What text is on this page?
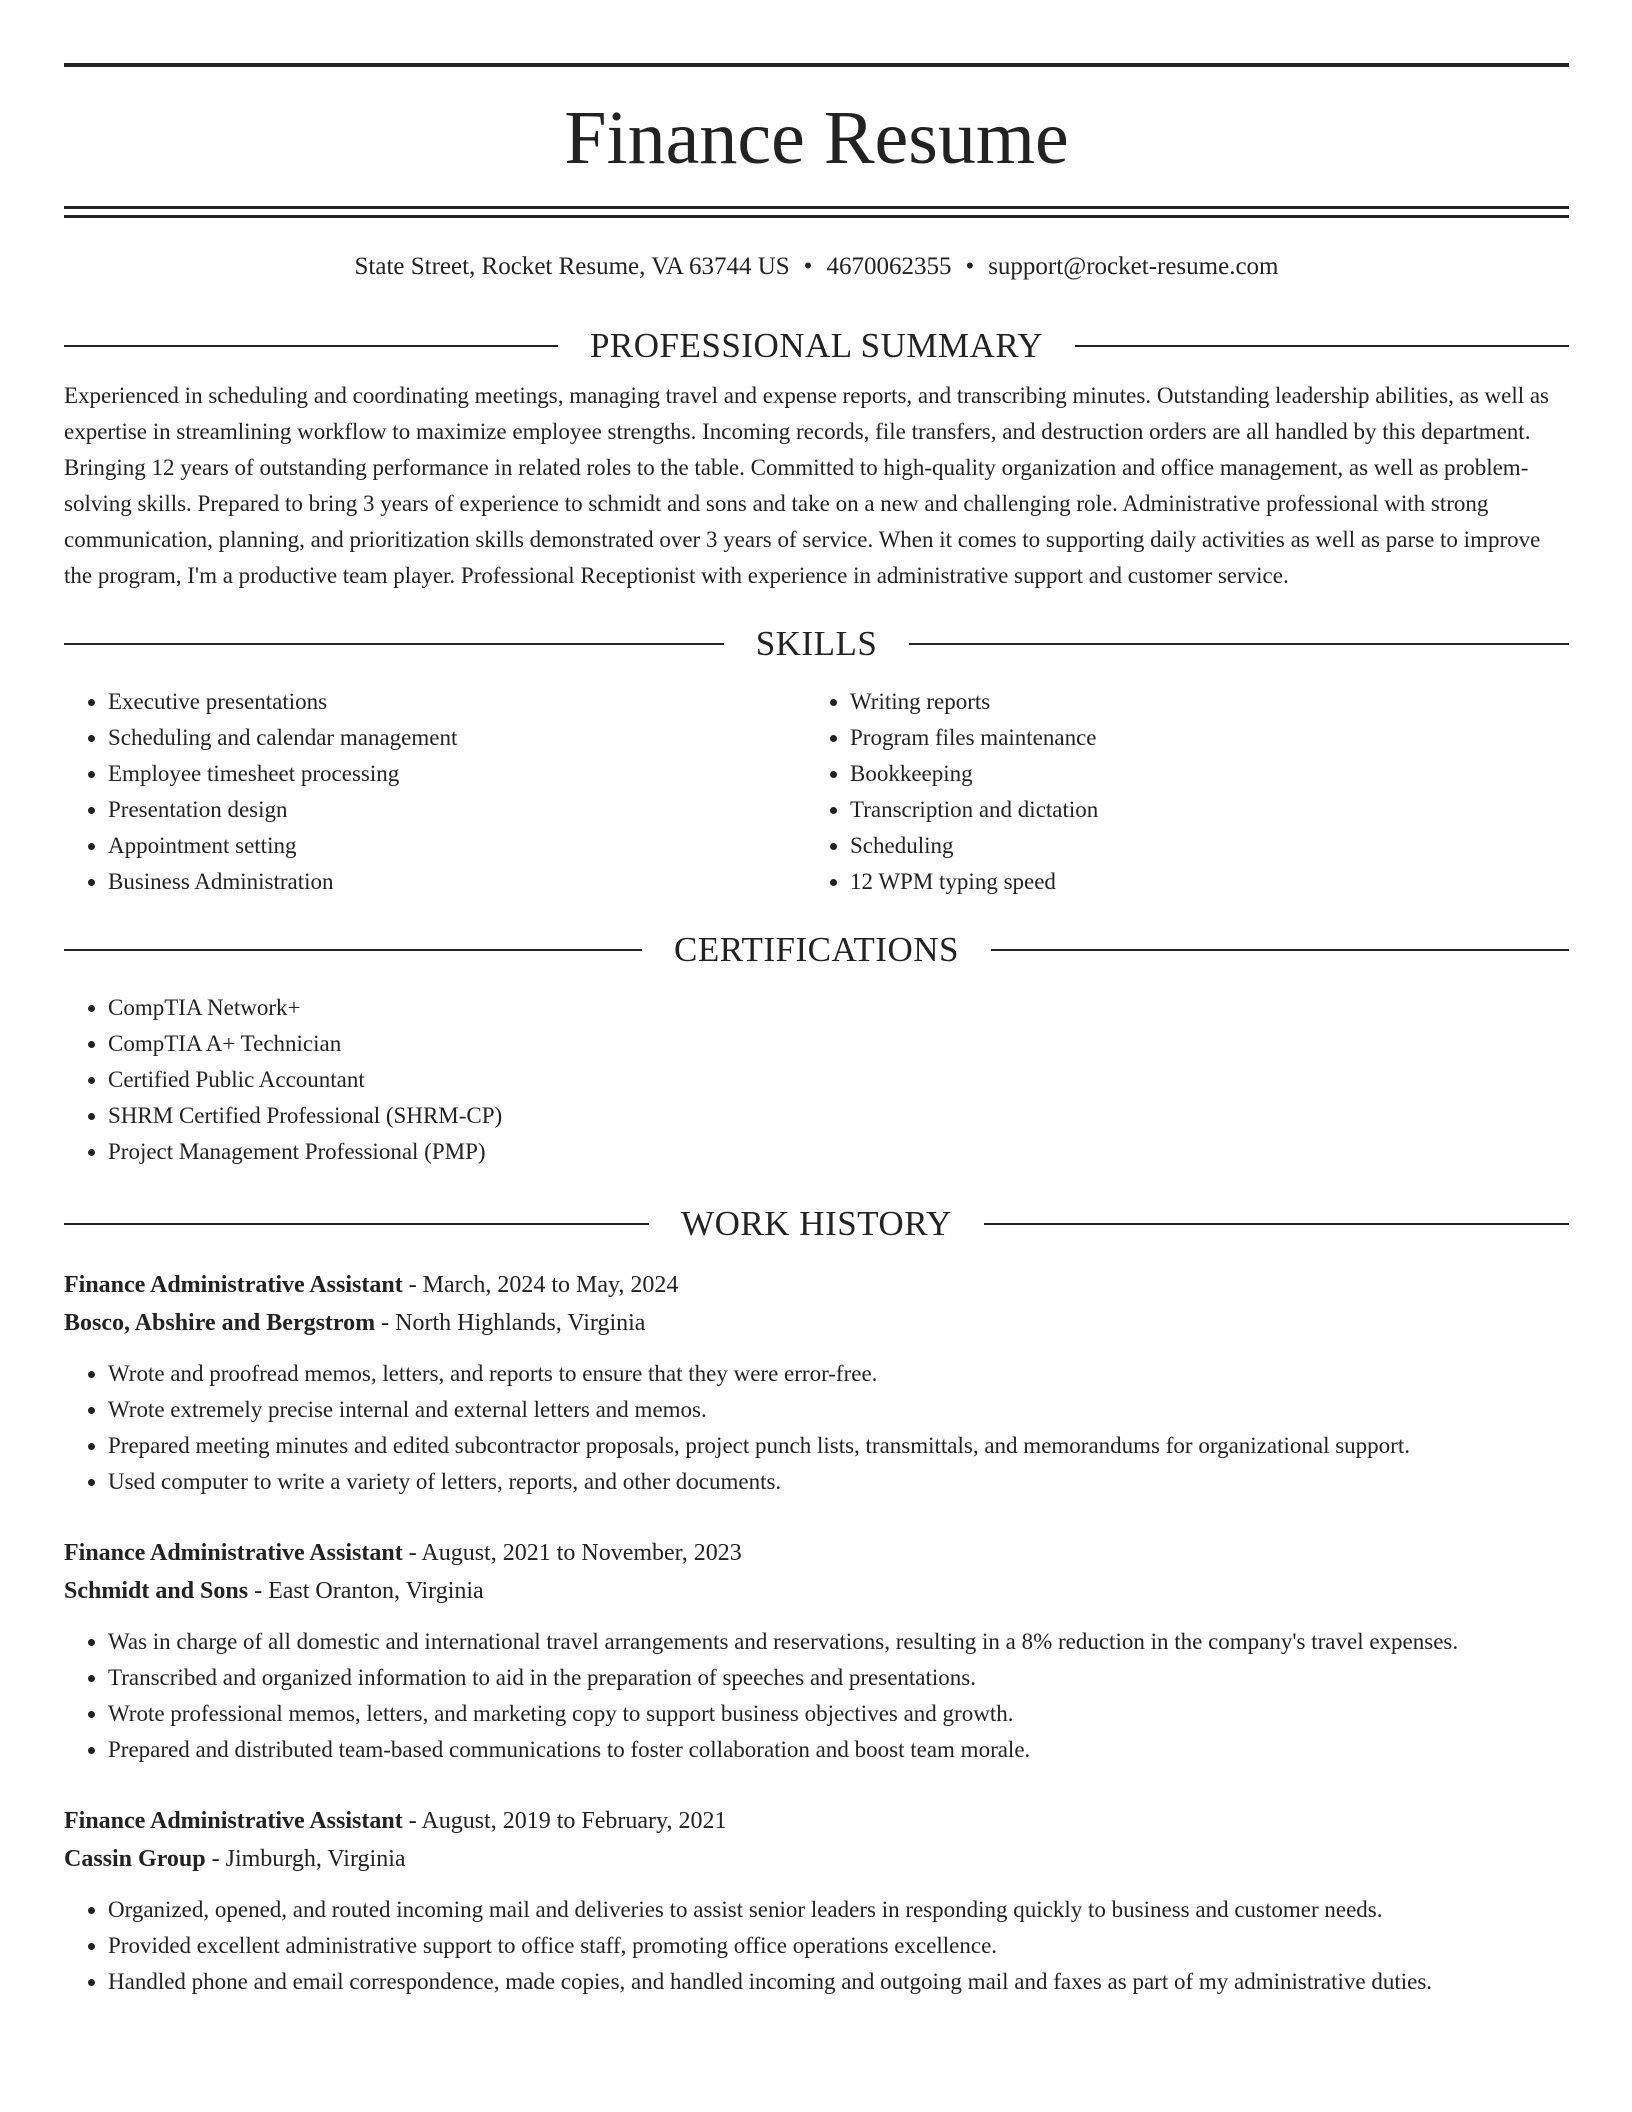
Finance Resume
State Street, Rocket Resume, VA 63744 US • 4670062355 • support@rocket-resume.com
PROFESSIONAL SUMMARY
Experienced in scheduling and coordinating meetings, managing travel and expense reports, and transcribing minutes. Outstanding leadership abilities, as well as expertise in streamlining workflow to maximize employee strengths. Incoming records, file transfers, and destruction orders are all handled by this department. Bringing 12 years of outstanding performance in related roles to the table. Committed to high-quality organization and office management, as well as problem-solving skills. Prepared to bring 3 years of experience to schmidt and sons and take on a new and challenging role. Administrative professional with strong communication, planning, and prioritization skills demonstrated over 3 years of service. When it comes to supporting daily activities as well as parse to improve the program, I'm a productive team player. Professional Receptionist with experience in administrative support and customer service.
SKILLS
• Executive presentations
• Scheduling and calendar management
• Employee timesheet processing
• Presentation design
• Appointment setting
• Business Administration
• Writing reports
• Program files maintenance
• Bookkeeping
• Transcription and dictation
• Scheduling
• 12 WPM typing speed
CERTIFICATIONS
• CompTIA Network+
• CompTIA A+ Technician
• Certified Public Accountant
• SHRM Certified Professional (SHRM-CP)
• Project Management Professional (PMP)
WORK HISTORY
Finance Administrative Assistant - March, 2024 to May, 2024
Bosco, Abshire and Bergstrom - North Highlands, Virginia
• Wrote and proofread memos, letters, and reports to ensure that they were error-free.
• Wrote extremely precise internal and external letters and memos.
• Prepared meeting minutes and edited subcontractor proposals, project punch lists, transmittals, and memorandums for organizational support.
• Used computer to write a variety of letters, reports, and other documents.
Finance Administrative Assistant - August, 2021 to November, 2023
Schmidt and Sons - East Oranton, Virginia
• Was in charge of all domestic and international travel arrangements and reservations, resulting in a 8% reduction in the company's travel expenses.
• Transcribed and organized information to aid in the preparation of speeches and presentations.
• Wrote professional memos, letters, and marketing copy to support business objectives and growth.
• Prepared and distributed team-based communications to foster collaboration and boost team morale.
Finance Administrative Assistant - August, 2019 to February, 2021
Cassin Group - Jimburgh, Virginia
• Organized, opened, and routed incoming mail and deliveries to assist senior leaders in responding quickly to business and customer needs.
• Provided excellent administrative support to office staff, promoting office operations excellence.
• Handled phone and email correspondence, made copies, and handled incoming and outgoing mail and faxes as part of my administrative duties.
